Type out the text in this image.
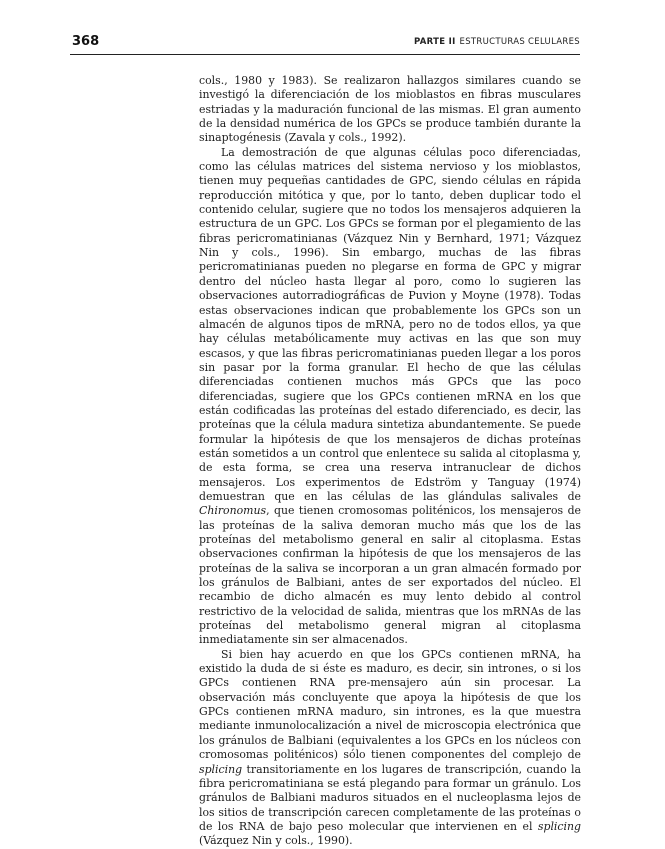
368	PARTE II ESTRUCTURAS CELULARES

cols., 1980 y 1983). Se realizaron hallazgos similares cuando se investigó la diferenciación de los mioblastos en fibras musculares estriadas y la maduración funcional de las mismas. El gran aumento de la densidad numérica de los GPCs se produce también durante la sinaptogénesis (Zavala y cols., 1992).

La demostración de que algunas células poco diferenciadas, como las células matrices del sistema nervioso y los mioblastos, tienen muy pequeñas cantidades de GPC, siendo células en rápida reproducción mitótica y que, por lo tanto, deben duplicar todo el contenido celular, sugiere que no todos los mensajeros adquieren la estructura de un GPC. Los GPCs se forman por el plegamiento de las fibras pericromatinianas (Vázquez Nin y Bernhard, 1971; Vázquez Nin y cols., 1996). Sin embargo, muchas de las fibras pericromatinianas pueden no plegarse en forma de GPC y migrar dentro del núcleo hasta llegar al poro, como lo sugieren las observaciones autorradiográficas de Puvion y Moyne (1978). Todas estas observaciones indican que probablemente los GPCs son un almacén de algunos tipos de mRNA, pero no de todos ellos, ya que hay células metabólicamente muy activas en las que son muy escasos, y que las fibras pericromatinianas pueden llegar a los poros sin pasar por la forma granular. El hecho de que las células diferenciadas contienen muchos más GPCs que las poco diferenciadas, sugiere que los GPCs contienen mRNA en los que están codificadas las proteínas del estado diferenciado, es decir, las proteínas que la célula madura sintetiza abundantemente. Se puede formular la hipótesis de que los mensajeros de dichas proteínas están sometidos a un control que enlentece su salida al citoplasma y, de esta forma, se crea una reserva intranuclear de dichos mensajeros. Los experimentos de Edström y Tanguay (1974) demuestran que en las células de las glándulas salivales de Chironomus, que tienen cromosomas politénicos, los mensajeros de las proteínas de la saliva demoran mucho más que los de las proteínas del metabolismo general en salir al citoplasma. Estas observaciones confirman la hipótesis de que los mensajeros de las proteínas de la saliva se incorporan a un gran almacén formado por los gránulos de Balbiani, antes de ser exportados del núcleo. El recambio de dicho almacén es muy lento debido al control restrictivo de la velocidad de salida, mientras que los mRNAs de las proteínas del metabolismo general migran al citoplasma inmediatamente sin ser almacenados.

Si bien hay acuerdo en que los GPCs contienen mRNA, ha existido la duda de si éste es maduro, es decir, sin intrones, o si los GPCs contienen RNA pre-mensajero aún sin procesar. La observación más concluyente que apoya la hipótesis de que los GPCs contienen mRNA maduro, sin intrones, es la que muestra mediante inmunolocalización a nivel de microscopia electrónica que los gránulos de Balbiani (equivalentes a los GPCs en los núcleos con cromosomas politénicos) sólo tienen componentes del complejo de splicing transitoriamente en los lugares de transcripción, cuando la fibra pericromatiniana se está plegando para formar un gránulo. Los gránulos de Balbiani maduros situados en el nucleoplasma lejos de los sitios de transcripción carecen completamente de las proteínas o de los RNA de bajo peso molecular que intervienen en el splicing (Vázquez Nin y cols., 1990).
